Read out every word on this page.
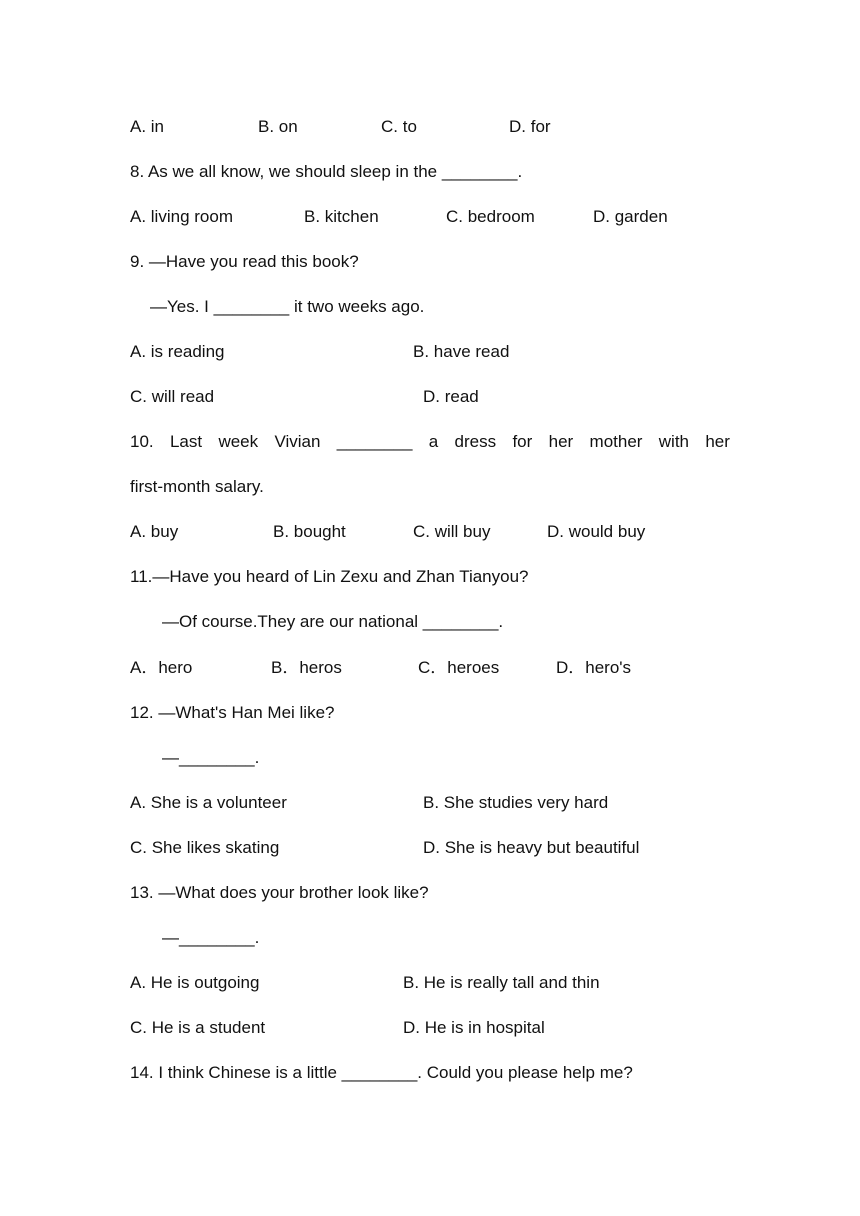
A. in	B. on	C. to	D. for
8. As we all know, we should sleep in the ________.
A. living room	B. kitchen	C. bedroom	D. garden
9. —Have you read this book?
—Yes. I ________ it two weeks ago.
A. is reading	B. have read
C. will read	D. read
10. Last week Vivian ________ a dress for her mother with her
first-month salary.
A. buy	B. bought	C. will buy	D. would buy
11.—Have you heard of Lin Zexu and Zhan Tianyou?
—Of course.They are our national ________.
A．hero	B．heros	C．heroes	D．hero's
12. —What's Han Mei like?
—________.
A. She is a volunteer	B. She studies very hard
C. She likes skating	D. She is heavy but beautiful
13. —What does your brother look like?
—________.
A. He is outgoing	B. He is really tall and thin
C. He is a student	D. He is in hospital
14. I think Chinese is a little ________. Could you please help me?
